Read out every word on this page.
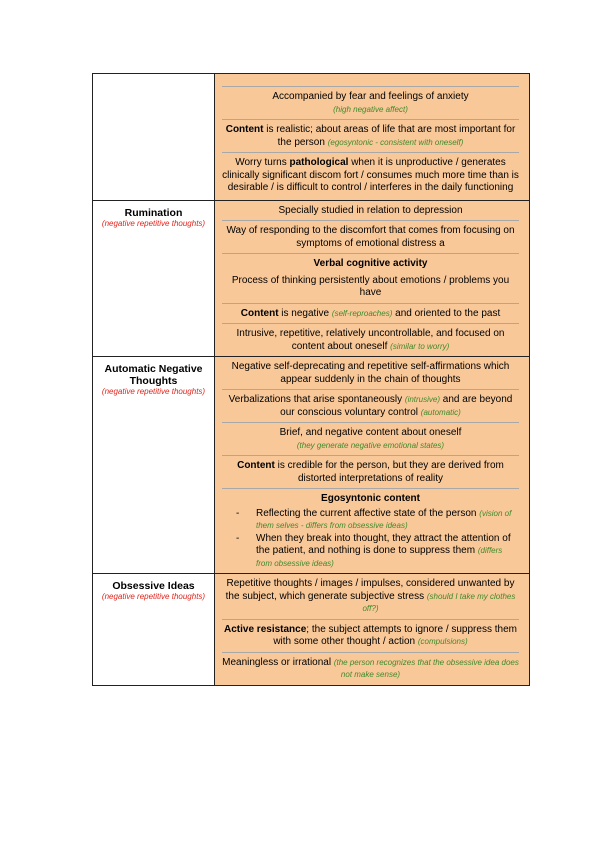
Accompanied by fear and feelings of anxiety
(high negative affect)
Content is realistic; about areas of life that are most important for the person (egosyntonic - consistent with oneself)
Worry turns pathological when it is unproductive / generates clinically significant discom fort / consumes much more time than is desirable / is difficult to control / interferes in the daily functioning
Rumination
(negative repetitive thoughts)
Specially studied in relation to depression
Way of responding to the discomfort that comes from focusing on symptoms of emotional distress a
Verbal cognitive activity
Process of thinking persistently about emotions / problems you have
Content is negative (self-reproaches) and oriented to the past
Intrusive, repetitive, relatively uncontrollable, and focused on content about oneself (similar to worry)
Automatic Negative Thoughts
(negative repetitive thoughts)
Negative self-deprecating and repetitive self-affirmations which appear suddenly in the chain of thoughts
Verbalizations that arise spontaneously (intrusive) and are beyond our conscious voluntary control (automatic)
Brief, and negative content about oneself
(they generate negative emotional states)
Content is credible for the person, but they are derived from distorted interpretations of reality
Egosyntonic content
- Reflecting the current affective state of the person (vision of them selves - differs from obsessive ideas)
- When they break into thought, they attract the attention of the patient, and nothing is done to suppress them (differs from obsessive ideas)
Obsessive Ideas
(negative repetitive thoughts)
Repetitive thoughts / images / impulses, considered unwanted by the subject, which generate subjective stress (should I take my clothes off?)
Active resistance; the subject attempts to ignore / suppress them with some other thought / action (compulsions)
Meaningless or irrational (the person recognizes that the obsessive idea does not make sense)
